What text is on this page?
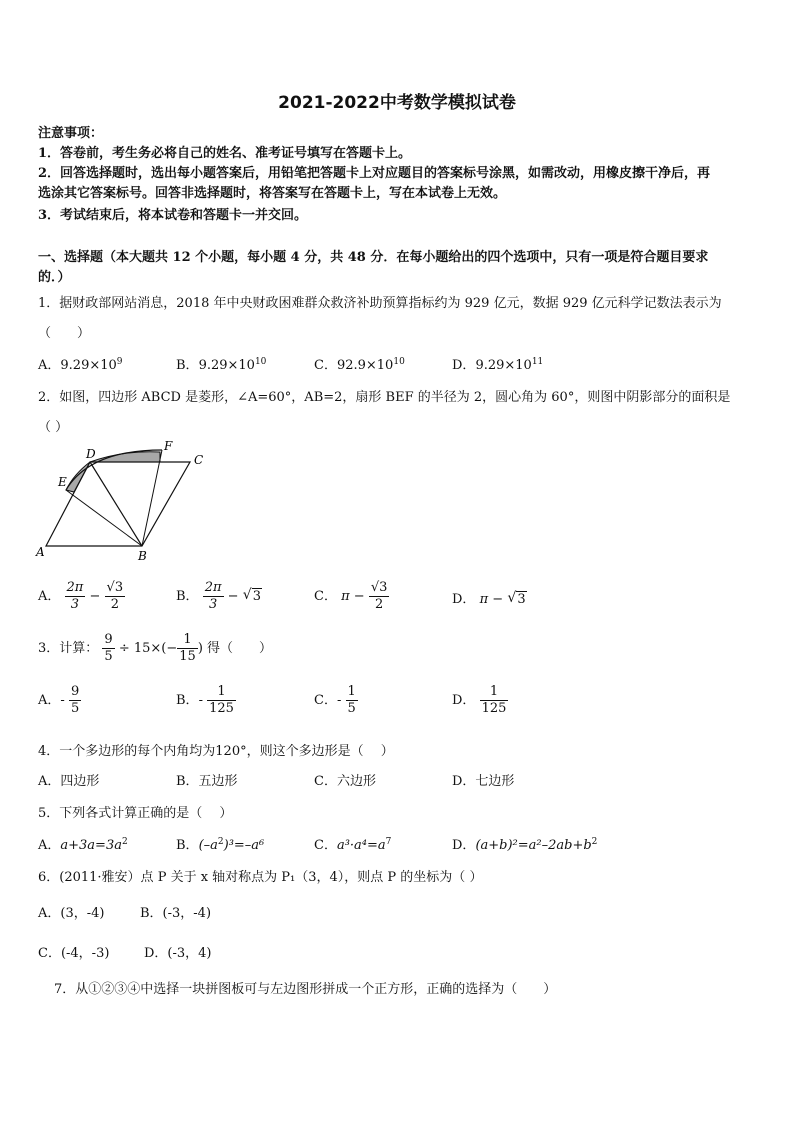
2021-2022中考数学模拟试卷
注意事项：
1．答卷前，考生务必将自己的姓名、准考证号填写在答题卡上。
2．回答选择题时，选出每小题答案后，用铅笔把答题卡上对应题目的答案标号涂黑，如需改动，用橡皮擦干净后，再
选涂其它答案标号。回答非选择题时，将答案写在答题卡上，写在本试卷上无效。
3．考试结束后，将本试卷和答题卡一并交回。
一、选择题（本大题共 12 个小题，每小题 4 分，共 48 分．在每小题给出的四个选项中，只有一项是符合题目要求
的．）
1．据财政部网站消息，2018 年中央财政困难群众救济补助预算指标约为 929 亿元，数据 929 亿元科学记数法表示为
（　　）
A．$9.29\times 10^9$	B．$9.29\times 10^{10}$	C．$92.9\times 10^{10}$	D．$9.29\times 10^{11}$
2．如图，四边形 ABCD 是菱形，∠A=60°，AB=2，扇形 BEF 的半径为 2，圆心角为 60°，则图中阴影部分的面积是
（ ）
A	B
C
D
E
F
A． $\frac{2\pi}{3} - \frac{√3}{2}$	B． $\frac{2\pi}{3}$ − √ 3	C． $\pi - \frac{√3}{2}$	D． π − √ 3
3．计算： $\frac{9}{5} \div 15\times(- \frac{1}{15}$ ) 得（　　）
A．- $\frac{9}{5}$	B．- $\frac{1}{125}$	C．- $\frac{1}{5}$	D． $\frac{1}{125}$
4．一个多边形的每个内角均为120°，则这个多边形是（　 ）
A．四边形	B．五边形	C．六边形	D．七边形
5．下列各式计算正确的是（　 ）
A．$a+3a=3a^2$	B．$(-a^2)^3=-a^6$	C．$a^3\cdot a^4=a^7$	D．$(a+b)^2=a^2-2ab+b^2$
6．(2011·雅安）点 P 关于 x 轴对称点为 P₁（3，4），则点 P 的坐标为（ ）
A．(3，-4)	B．(-3，-4)
C．(-4，-3)	D．(-3，4)
7．从①②③④中选择一块拼图板可与左边图形拼成一个正方形，正确的选择为（　　）
